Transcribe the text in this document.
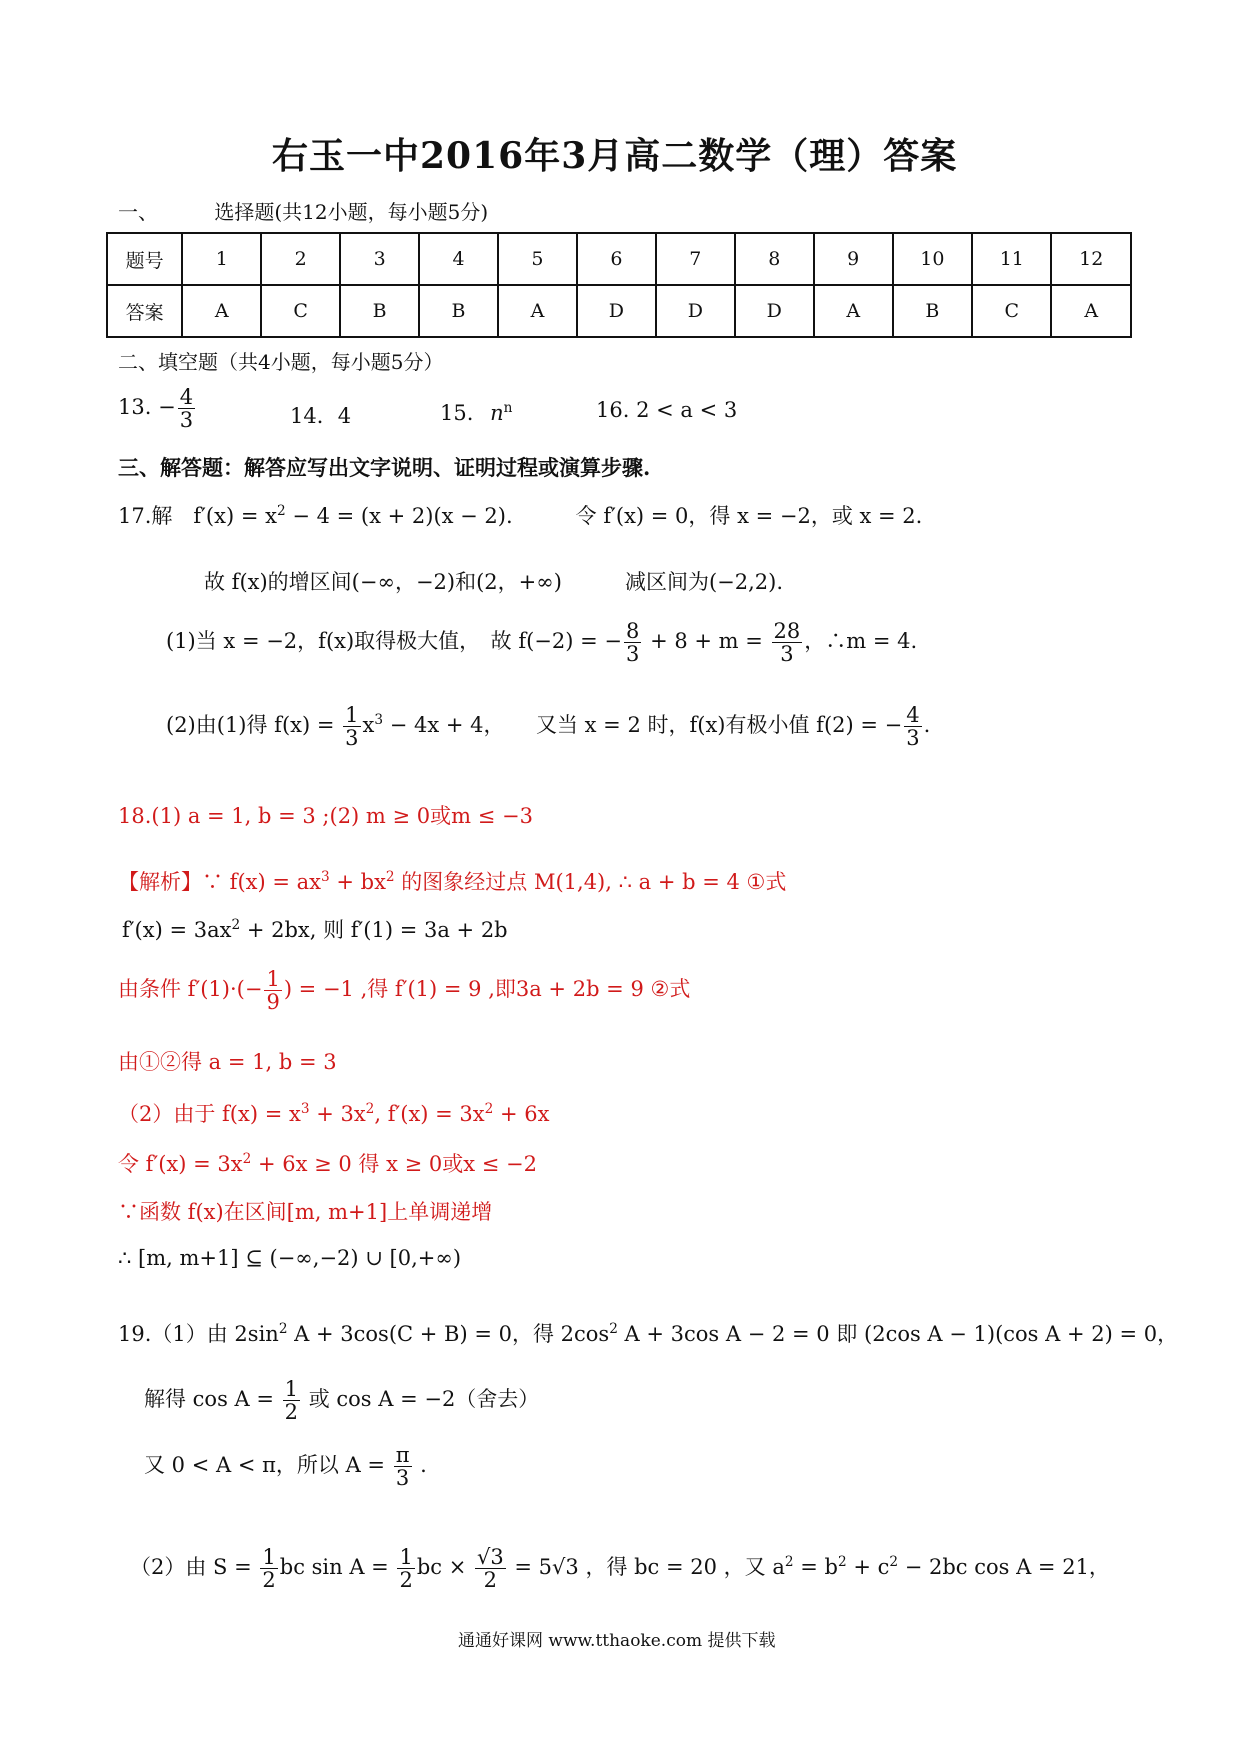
右玉一中2016年3月高二数学（理）答案
一、	选择题(共12小题，每小题5分)
题号	1	2	3	4	5	6	7	8	9	10	11	12
答案	A	C	B	B	A	D	D	D	A	B	C	A
二、填空题（共4小题，每小题5分）
13. − $\frac{4}{3}$	14．4	15. $n^n$	16. 2 < a < 3
三、解答题：解答应写出文字说明、证明过程或演算步骤.
17.解　$f'(x) = x^2 - 4 = (x + 2)(x - 2)$.　　　令 f′(x) = 0，得 x = −2，或 x = 2.
故 f(x)的增区间(−∞，−2)和(2，+∞)　　　减区间为(−2,2).
(1)当 x = −2，f(x)取得极大值，　故 f(−2) = − $\frac{8}{3} + 8 + m = \frac{28}{3}$ ，∴m = 4.
(2)由(1)得 $f(x) = \frac{1}{3} x^3 - 4x + 4$，　　又当 x = 2 时，f(x)有极小值 f(2) = − $\frac{4}{3}$ .
18.(1) a = 1, b = 3 ;(2) m ≥ 0或m ≤ −3
【解析】∵ $f(x) = ax^3 + bx^2$ 的图象经过点 M(1,4), ∴ a + b = 4 ①式
$f'(x) = 3ax^2 + 2bx$, 则 f′(1) = 3a + 2b
由条件 $f'(1)\cdot(- \frac{1}{9}$ ) = −1 ,得 f′(1) = 9 ,即3a + 2b = 9 ②式
由①②得 a = 1, b = 3
（2）由于 $f(x) = x^3 + 3x^2$, $f'(x) = 3x^2 + 6x$
令 $f'(x) = 3x^2 + 6x \ge 0$ 得 x ≥ 0或x ≤ −2
∵函数 f(x)在区间[m, m+1]上单调递增
∴ [m, m+1] ⊆ (−∞,−2) ∪ [0,+∞)
19.（1）由 $2\sin^2$ A + 3cos(C + B) = 0，得 $2\cos^2$ A + 3cos A − 2 = 0 即 (2cos A − 1)(cos A + 2) = 0，
解得 $\cos A = \frac{1}{2}$ 或 cos A = −2（舍去）
又 0 < A < π，所以 $A = \frac{\pi}{3}$ .
（2）由 $S = \frac{1}{2}$ bc $\sin A = \frac{1}{2}$ bc × $\frac{√3}{2} = 5√3$ ，得 bc = 20 ，又 $a^2 = b^2 + c^2 - 2bc$ cos A = 21，
通通好课网 www.tthaoke.com 提供下载
